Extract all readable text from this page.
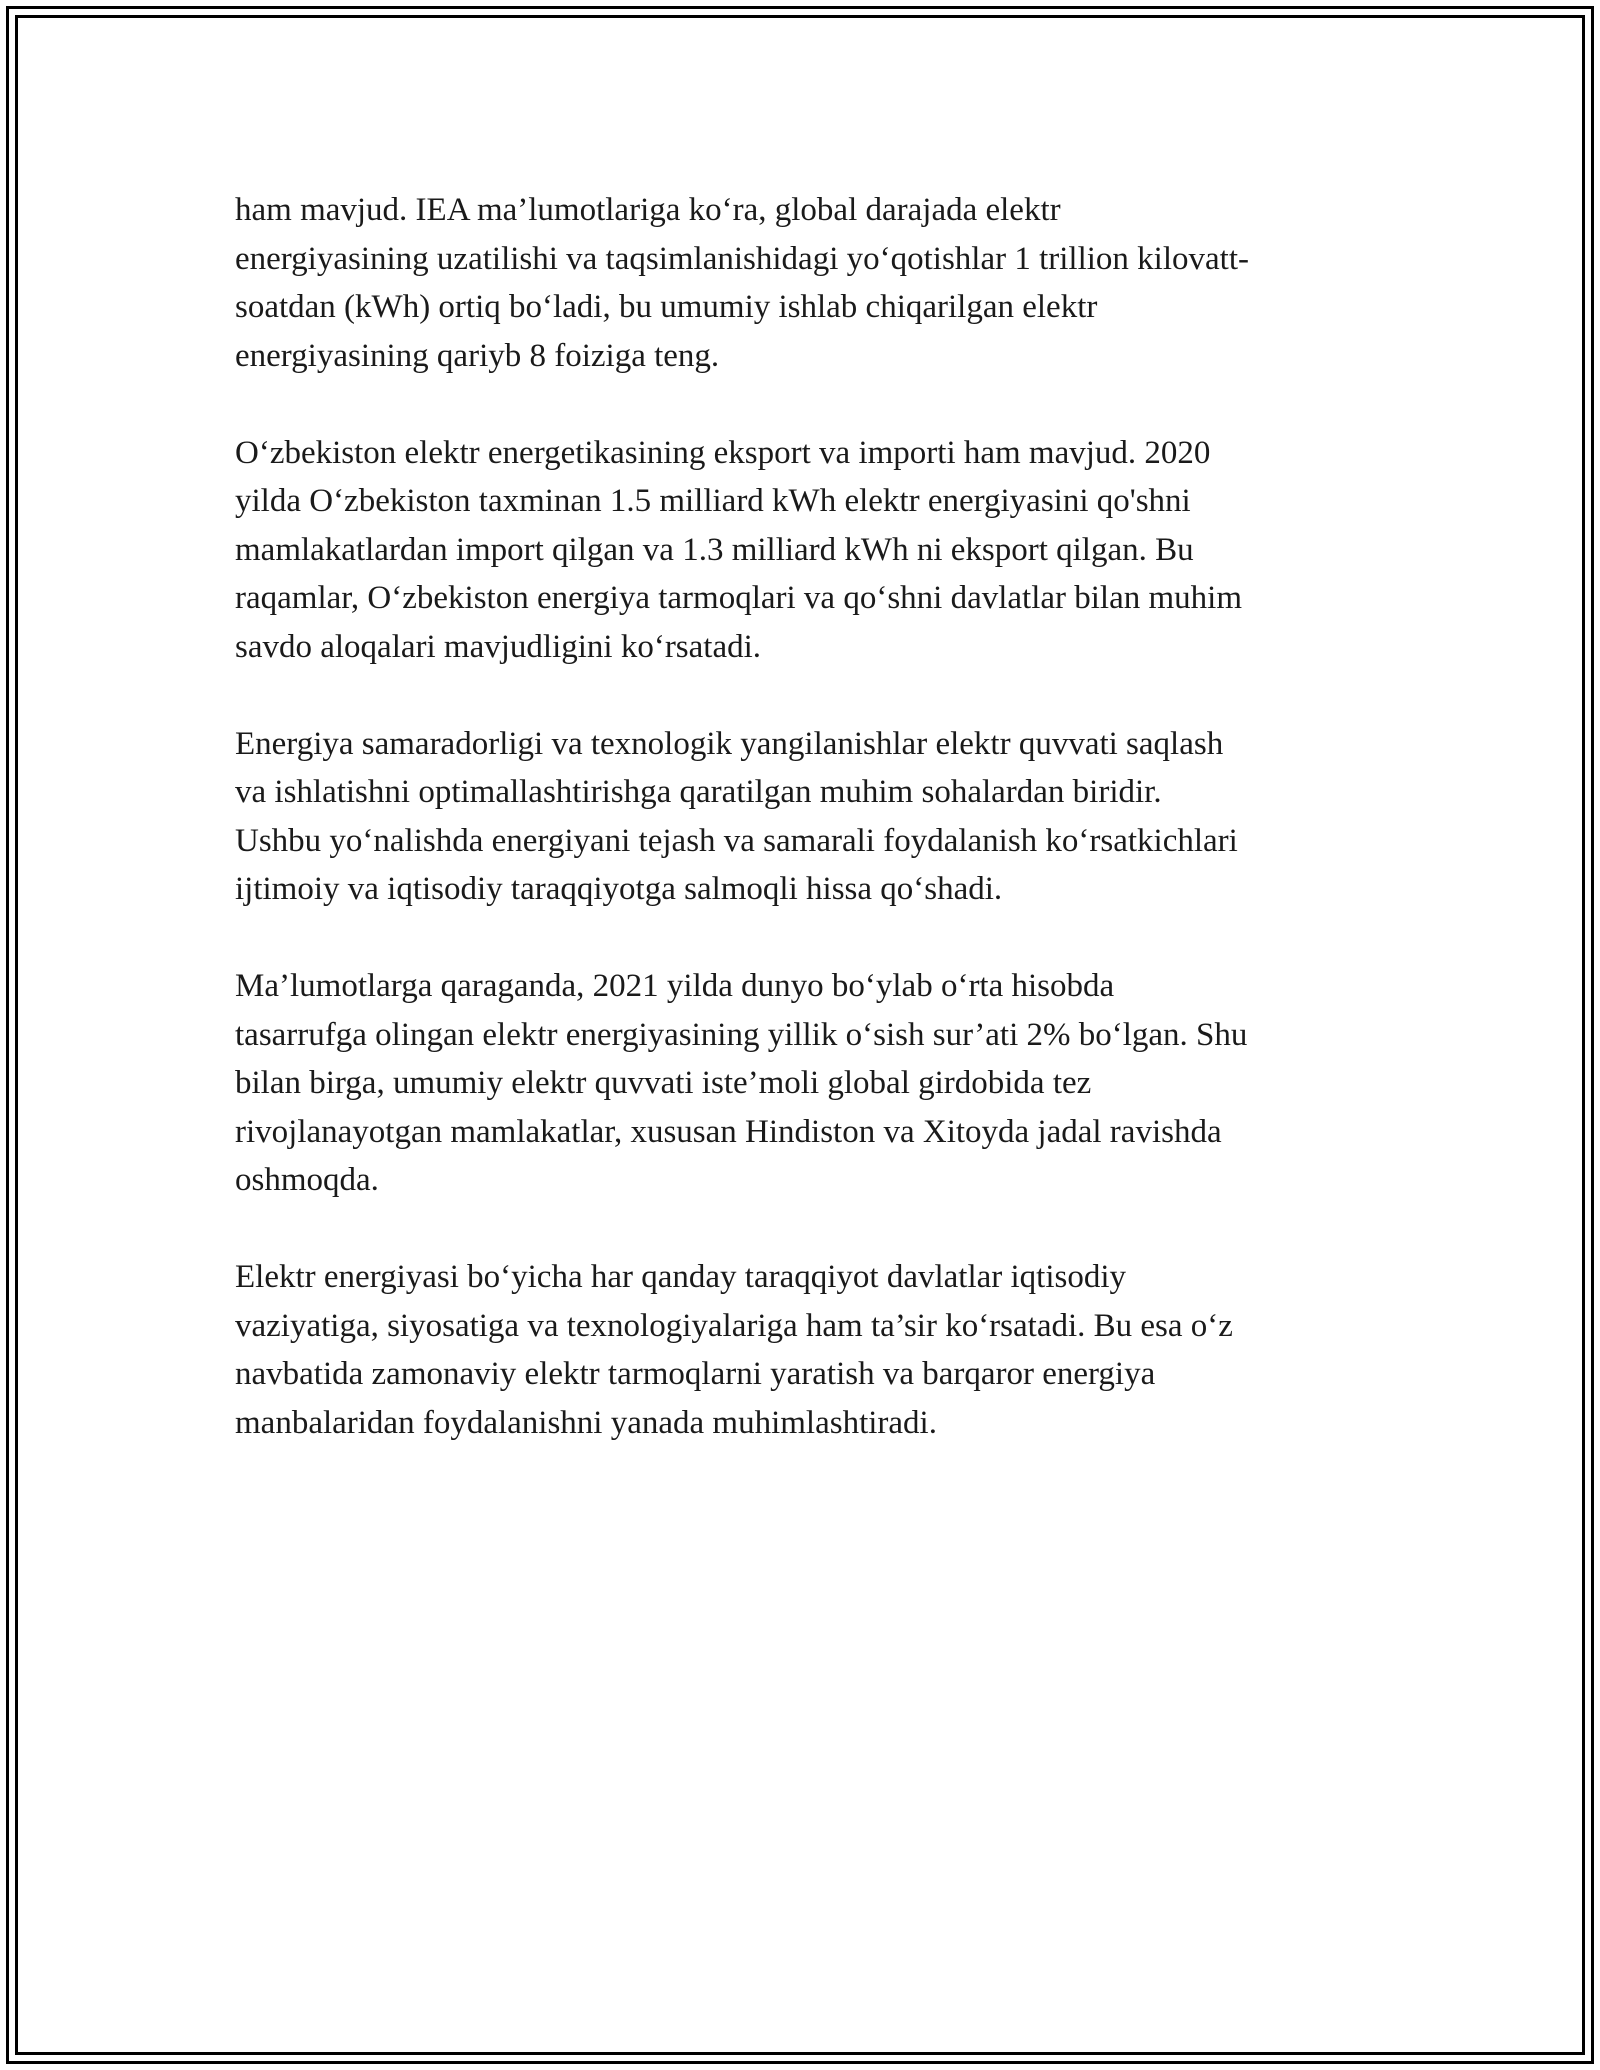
ham mavjud. IEA ma’lumotlariga ko‘ra, global darajada elektr
energiyasining uzatilishi va taqsimlanishidagi yo‘qotishlar 1 trillion kilovatt-
soatdan (kWh) ortiq bo‘ladi, bu umumiy ishlab chiqarilgan elektr
energiyasining qariyb 8 foiziga teng.

O‘zbekiston elektr energetikasining eksport va importi ham mavjud. 2020
yilda O‘zbekiston taxminan 1.5 milliard kWh elektr energiyasini qo'shni
mamlakatlardan import qilgan va 1.3 milliard kWh ni eksport qilgan. Bu
raqamlar, O‘zbekiston energiya tarmoqlari va qo‘shni davlatlar bilan muhim
savdo aloqalari mavjudligini ko‘rsatadi.

Energiya samaradorligi va texnologik yangilanishlar elektr quvvati saqlash
va ishlatishni optimallashtirishga qaratilgan muhim sohalardan biridir.
Ushbu yo‘nalishda energiyani tejash va samarali foydalanish ko‘rsatkichlari
ijtimoiy va iqtisodiy taraqqiyotga salmoqli hissa qo‘shadi.

Ma’lumotlarga qaraganda, 2021 yilda dunyo bo‘ylab o‘rta hisobda
tasarrufga olingan elektr energiyasining yillik o‘sish sur’ati 2% bo‘lgan. Shu
bilan birga, umumiy elektr quvvati iste’moli global girdobida tez
rivojlanayotgan mamlakatlar, xususan Hindiston va Xitoyda jadal ravishda
oshmoqda.

Elektr energiyasi bo‘yicha har qanday taraqqiyot davlatlar iqtisodiy
vaziyatiga, siyosatiga va texnologiyalariga ham ta’sir ko‘rsatadi. Bu esa o‘z
navbatida zamonaviy elektr tarmoqlarni yaratish va barqaror energiya
manbalaridan foydalanishni yanada muhimlashtiradi.
